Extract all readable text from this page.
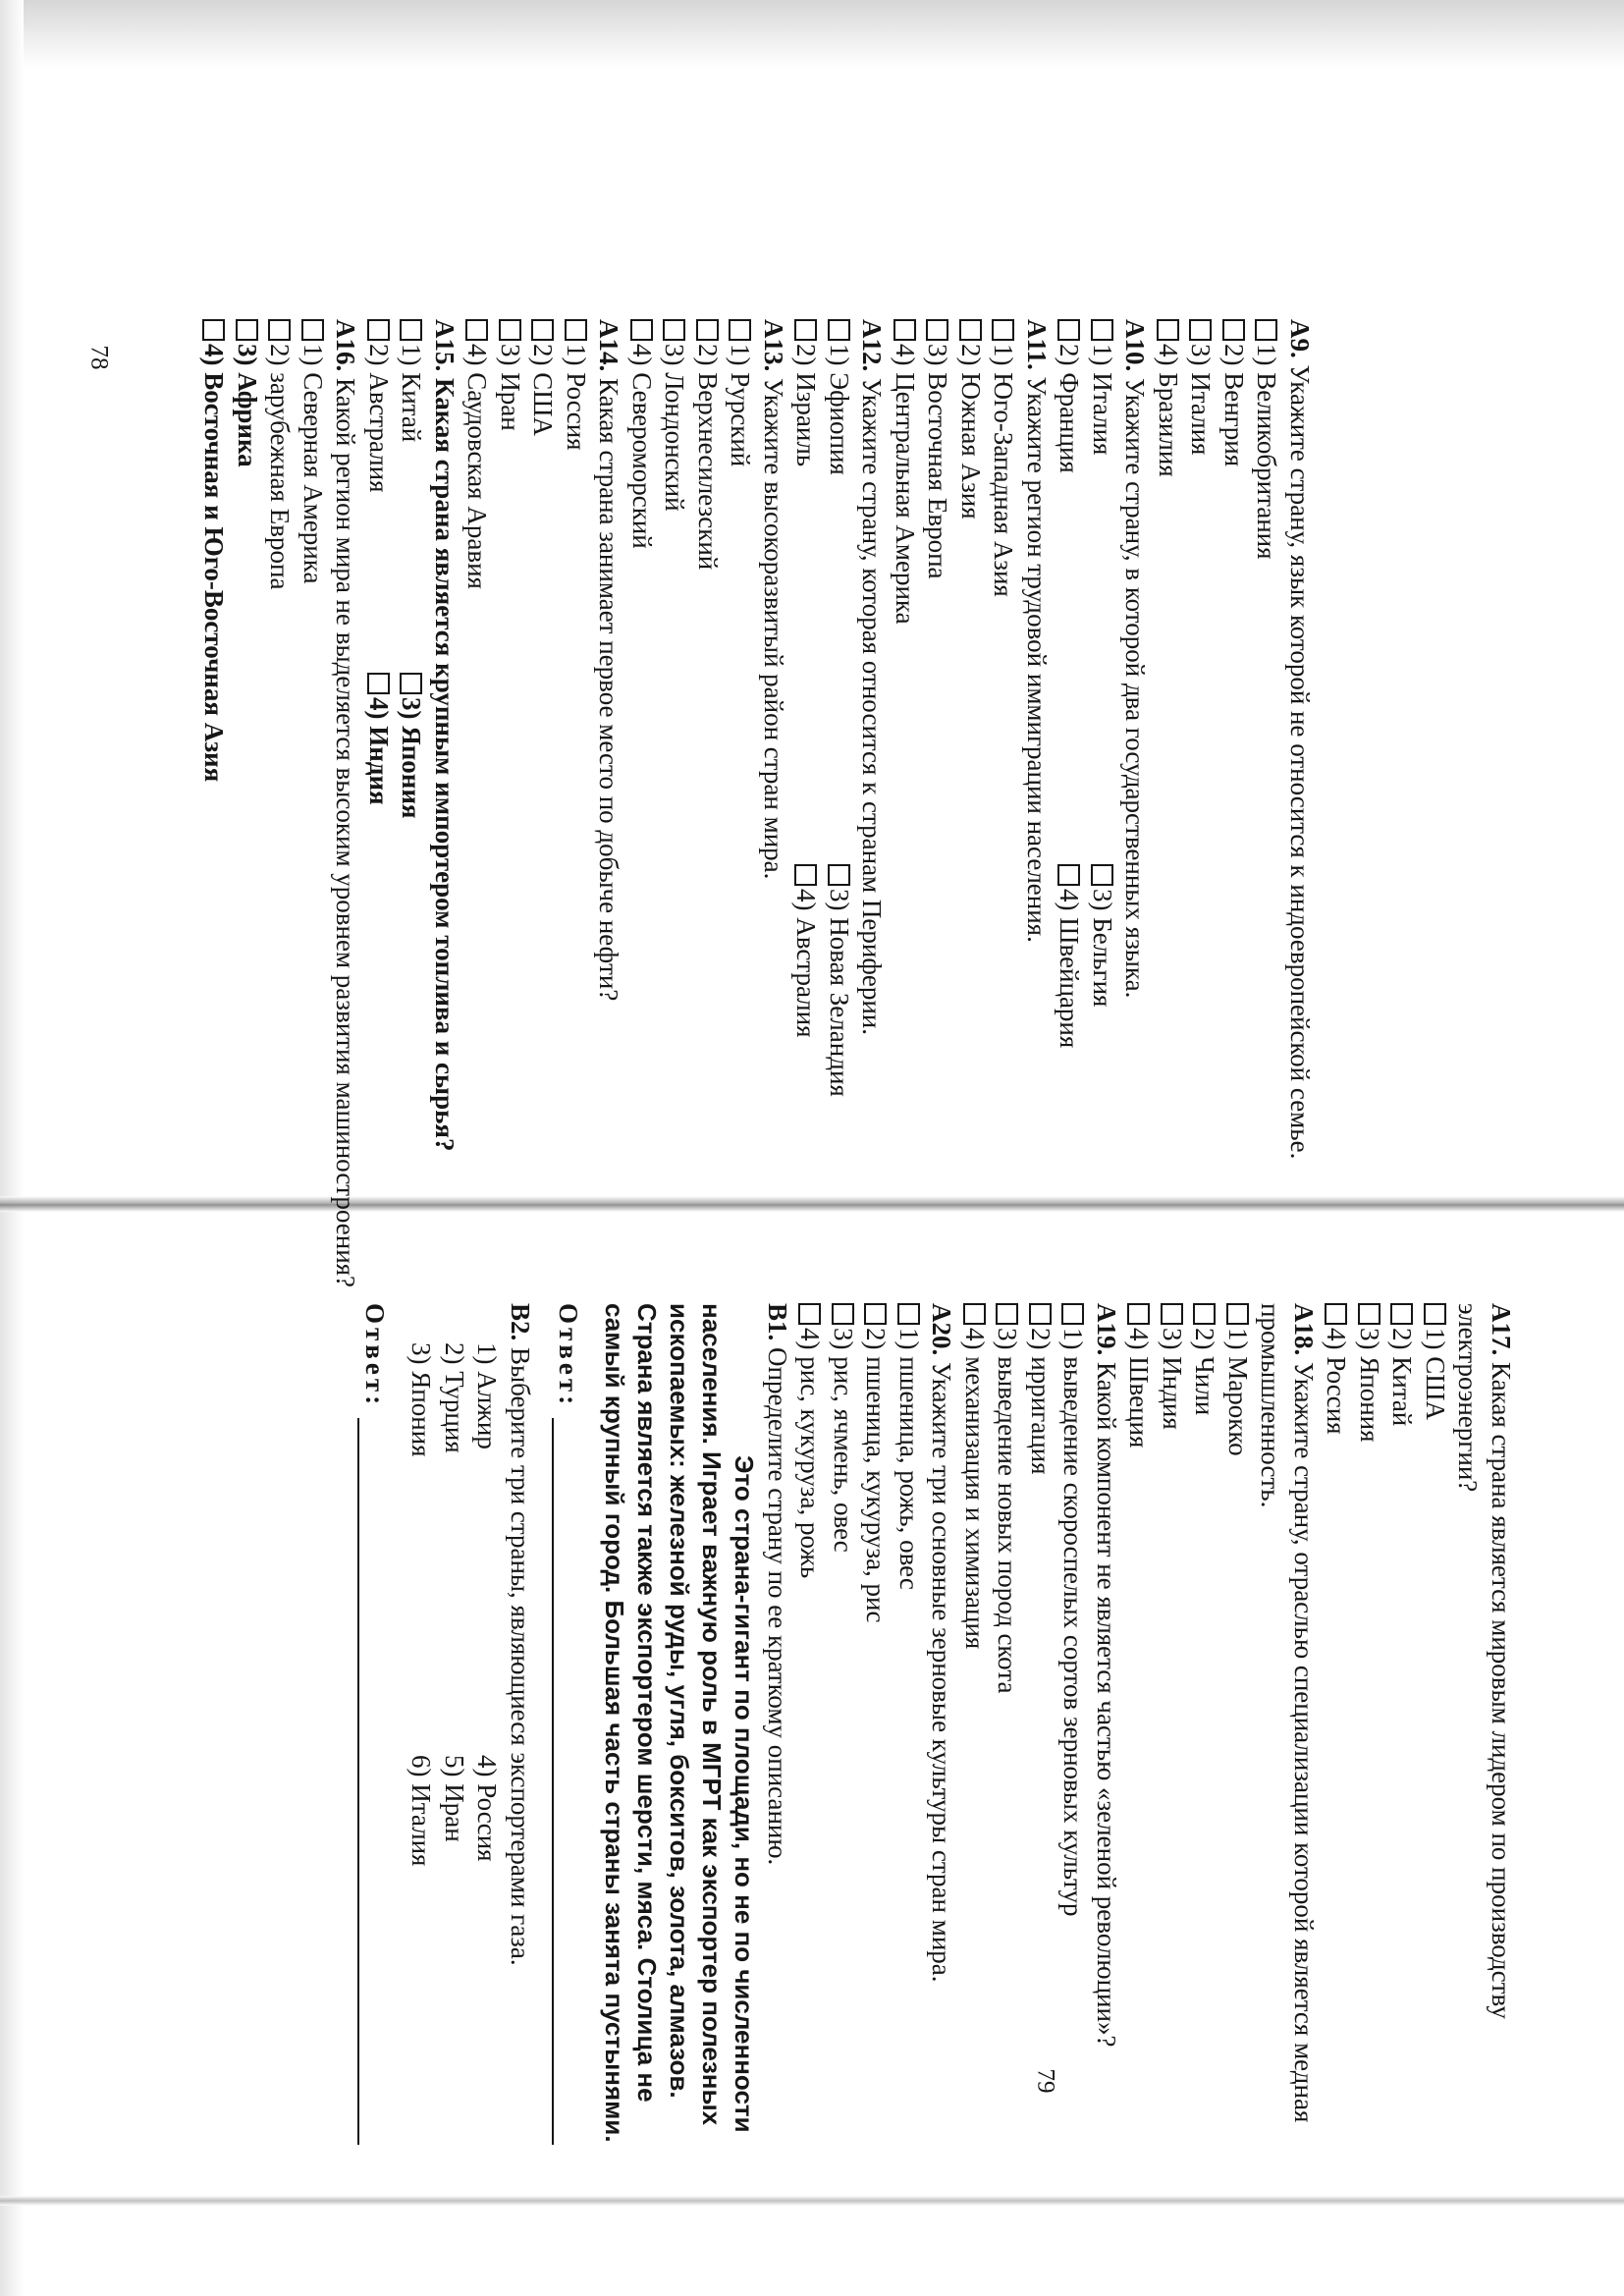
А9. Укажите страну, язык которой не относится к индоевропейской семье.

1) Великобритания

2) Венгрия

3) Италия

4) Бразилия

А10. Укажите страну, в которой два государственных языка.

1) Италия

3) Бельгия

2) Франция

4) Швейцария

А11. Укажите регион трудовой иммиграции населения.

1) Юго-Западная Азия

2) Южная Азия

3) Восточная Европа

4) Центральная Америка

А12. Укажите страну, которая относится к странам Периферии.

1) Эфиопия

3) Новая Зеландия

2) Израиль

4) Австралия

А13. Укажите высокоразвитый район стран мира.

1) Рурский

2) Верхнесилезский

3) Лондонский

4) Североморский

А14. Какая страна занимает первое место по добыче нефти?

1) Россия

2) США

3) Иран

4) Саудовская Аравия

А15. Какая страна является крупным импортером топлива и сырья?

1) Китай

3) Япония

2) Австралия

4) Индия

А16. Какой регион мира не выделяется высоким уровнем развития машиностроения?

1) Северная Америка

2) зарубежная Европа

3) Африка

4) Восточная и Юго-Восточная Азия

А17. Какая страна является мировым лидером по производству электроэнергии?

1) США

2) Китай

3) Япония

4) Россия

А18. Укажите страну, отраслью специализации которой является медная промышленность.

1) Марокко

2) Чили

3) Индия

4) Швеция

А19. Какой компонент не является частью «зеленой революции»?

1) выведение скороспелых сортов зерновых культур

2) ирригация

3) выведение новых пород скота

4) механизация и химизация

А20. Укажите три основные зерновые культуры стран мира.

1) пшеница, рожь, овес

2) пшеница, кукуруза, рис

3) рис, ячмень, овес

4) рис, кукуруза, рожь

В1. Определите страну по ее краткому описанию.

Это страна-гигант по площади, но не по численности населения. Играет важную роль в МГРТ как экспортер полезных ископаемых: железной руды, угля, бокситов, золота, алмазов. Страна является также экспортером шерсти, мяса. Столица не самый крупный город. Большая часть страны занята пустынями.

Ответ:

В2. Выберите три страны, являющиеся экспортерами газа.

1) Алжир

2) Турция

3) Япония

4) Россия

5) Иран

6) Италия

Ответ:
78
79
